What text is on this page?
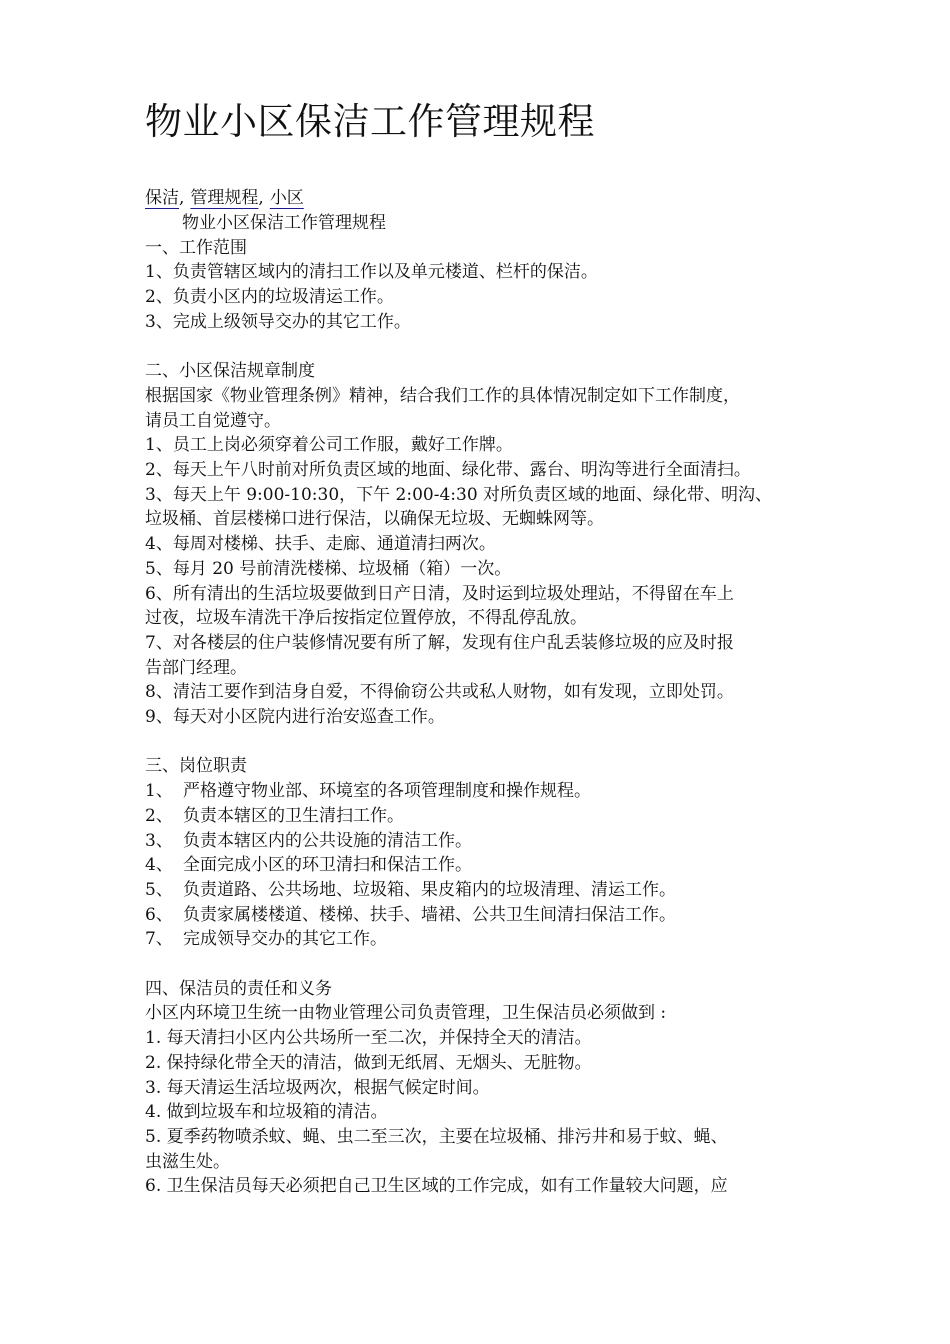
物业小区保洁工作管理规程
保洁, 管理规程, 小区
物业小区保洁工作管理规程
一、工作范围
1、负责管辖区域内的清扫工作以及单元楼道、栏杆的保洁。
2、负责小区内的垃圾清运工作。
3、完成上级领导交办的其它工作。
二、小区保洁规章制度
根据国家《物业管理条例》精神，结合我们工作的具体情况制定如下工作制度，
请员工自觉遵守。
1、员工上岗必须穿着公司工作服，戴好工作牌。
2、每天上午八时前对所负责区域的地面、绿化带、露台、明沟等进行全面清扫。
3、每天上午 9:00-10:30，下午 2:00-4:30 对所负责区域的地面、绿化带、明沟、
垃圾桶、首层楼梯口进行保洁，以确保无垃圾、无蜘蛛网等。
4、每周对楼梯、扶手、走廊、通道清扫两次。
5、每月 20 号前清洗楼梯、垃圾桶（箱）一次。
6、所有清出的生活垃圾要做到日产日清，及时运到垃圾处理站，不得留在车上
过夜，垃圾车清洗干净后按指定位置停放，不得乱停乱放。
7、对各楼层的住户装修情况要有所了解，发现有住户乱丢装修垃圾的应及时报
告部门经理。
8、清洁工要作到洁身自爱，不得偷窃公共或私人财物，如有发现，立即处罚。
9、每天对小区院内进行治安巡查工作。
三、岗位职责
1、 严格遵守物业部、环境室的各项管理制度和操作规程。
2、 负责本辖区的卫生清扫工作。
3、 负责本辖区内的公共设施的清洁工作。
4、 全面完成小区的环卫清扫和保洁工作。
5、 负责道路、公共场地、垃圾箱、果皮箱内的垃圾清理、清运工作。
6、 负责家属楼楼道、楼梯、扶手、墙裙、公共卫生间清扫保洁工作。
7、 完成领导交办的其它工作。
四、保洁员的责任和义务
小区内环境卫生统一由物业管理公司负责管理，卫生保洁员必须做到 :
1. 每天清扫小区内公共场所一至二次，并保持全天的清洁。
2. 保持绿化带全天的清洁，做到无纸屑、无烟头、无脏物。
3. 每天清运生活垃圾两次，根据气候定时间。
4. 做到垃圾车和垃圾箱的清洁。
5. 夏季药物喷杀蚊、蝇、虫二至三次，主要在垃圾桶、排污井和易于蚊、蝇、
虫滋生处。
6. 卫生保洁员每天必须把自己卫生区域的工作完成，如有工作量较大问题，应
